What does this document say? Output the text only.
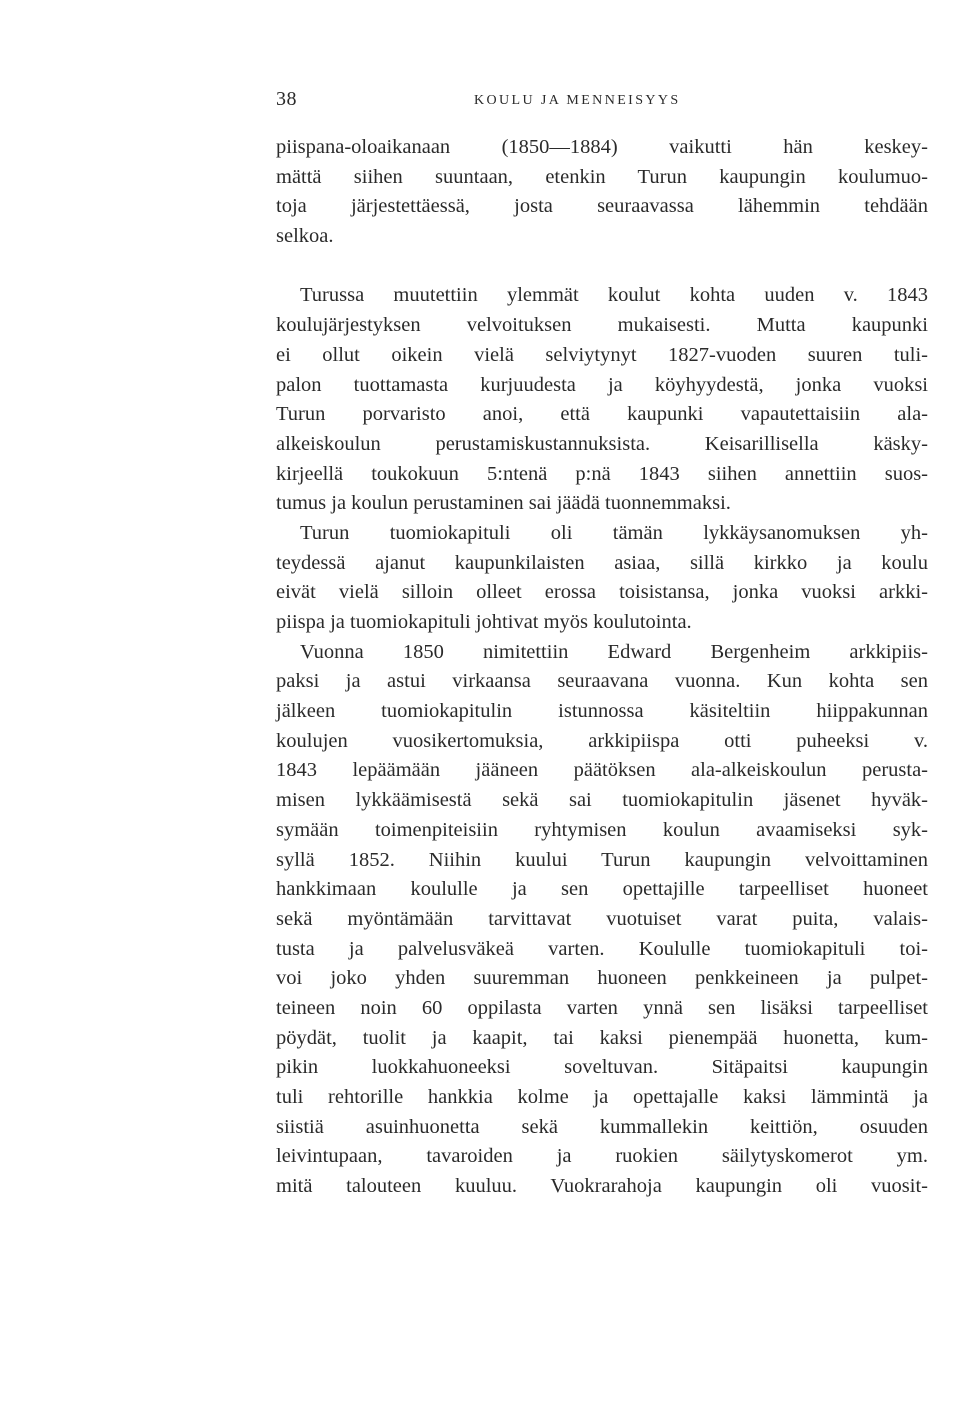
38	KOULU JA MENNEISYYS
piispana-oloaikanaan (1850—1884) vaikutti hän keskey-
mättä siihen suuntaan, etenkin Turun kaupungin koulumuo-
toja järjestettäessä, josta seuraavassa lähemmin tehdään
selkoa.
Turussa muutettiin ylemmät koulut kohta uuden v. 1843
koulujärjestyksen velvoituksen mukaisesti. Mutta kaupunki
ei ollut oikein vielä selviytynyt 1827-vuoden suuren tuli-
palon tuottamasta kurjuudesta ja köyhyydestä, jonka vuoksi
Turun porvaristo anoi, että kaupunki vapautettaisiin ala-
alkeiskoulun perustamiskustannuksista. Keisarillisella käsky-
kirjeellä toukokuun 5:ntenä p:nä 1843 siihen annettiin suos-
tumus ja koulun perustaminen sai jäädä tuonnemmaksi.
Turun tuomiokapituli oli tämän lykkäysanomuksen yh-
teydessä ajanut kaupunkilaisten asiaa, sillä kirkko ja koulu
eivät vielä silloin olleet erossa toisistansa, jonka vuoksi arkki-
piispa ja tuomiokapituli johtivat myös koulutointa.
Vuonna 1850 nimitettiin Edward Bergenheim arkkipiis-
paksi ja astui virkaansa seuraavana vuonna. Kun kohta sen
jälkeen tuomiokapitulin istunnossa käsiteltiin hiippakunnan
koulujen vuosikertomuksia, arkkipiispa otti puheeksi v.
1843 lepäämään jääneen päätöksen ala-alkeiskoulun perusta-
misen lykkäämisestä sekä sai tuomiokapitulin jäsenet hyväk-
symään toimenpiteisiin ryhtymisen koulun avaamiseksi syk-
syllä 1852. Niihin kuului Turun kaupungin velvoittaminen
hankkimaan koululle ja sen opettajille tarpeelliset huoneet
sekä myöntämään tarvittavat vuotuiset varat puita, valais-
tusta ja palvelusväkeä varten. Koululle tuomiokapituli toi-
voi joko yhden suuremman huoneen penkkeineen ja pulpet-
teineen noin 60 oppilasta varten ynnä sen lisäksi tarpeelliset
pöydät, tuolit ja kaapit, tai kaksi pienempää huonetta, kum-
pikin luokkahuoneeksi soveltuvan. Sitäpaitsi kaupungin
tuli rehtorille hankkia kolme ja opettajalle kaksi lämmintä ja
siistiä asuinhuonetta sekä kummallekin keittiön, osuuden
leivintupaan, tavaroiden ja ruokien säilytyskomerot ym.
mitä talouteen kuuluu. Vuokrarahoja kaupungin oli vuosit-
